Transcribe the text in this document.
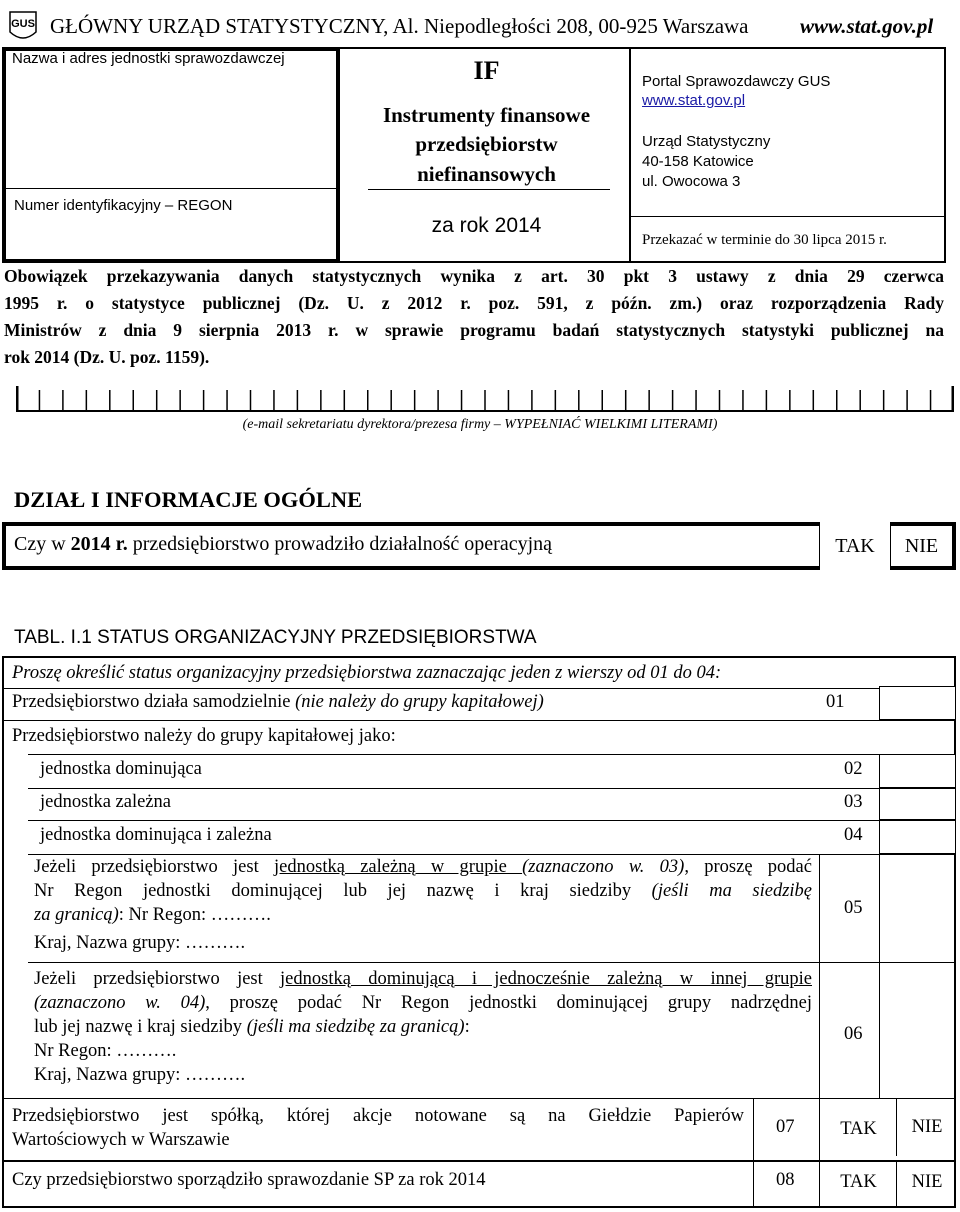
GUS GŁÓWNY URZĄD STATYSTYCZNY, Al. Niepodległości 208, 00-925 Warszawa www.stat.gov.pl
Nazwa i adres jednostki sprawozdawczej
Numer identyfikacyjny – REGON
IF
Instrumenty finansowe
przedsiębiorstw
niefinansowych
za rok 2014
Portal Sprawozdawczy GUS
www.stat.gov.pl
Urząd Statystyczny
40-158 Katowice
ul. Owocowa 3
Przekazać w terminie do 30 lipca 2015 r.
Obowiązek przekazywania danych statystycznych wynika z art. 30 pkt 3 ustawy z dnia 29 czerwca
1995 r. o statystyce publicznej (Dz. U. z 2012 r. poz. 591, z późn. zm.) oraz rozporządzenia Rady
Ministrów z dnia 9 sierpnia 2013 r. w sprawie programu badań statystycznych statystyki publicznej na
rok 2014 (Dz. U. poz. 1159).
(e-mail sekretariatu dyrektora/prezesa firmy – WYPEŁNIAĆ WIELKIMI LITERAMI)
DZIAŁ I INFORMACJE OGÓLNE
Czy w 2014 r. przedsiębiorstwo prowadziło działalność operacyjną	TAK	NIE
TABL. I.1 STATUS ORGANIZACYJNY PRZEDSIĘBIORSTWA
Proszę określić status organizacyjny przedsiębiorstwa zaznaczając jeden z wierszy od 01 do 04:
Przedsiębiorstwo działa samodzielnie (nie należy do grupy kapitałowej)	01
Przedsiębiorstwo należy do grupy kapitałowej jako:
jednostka dominująca	02
jednostka zależna	03
jednostka dominująca i zależna	04
Jeżeli przedsiębiorstwo jest jednostką zależną w grupie (zaznaczono w. 03), proszę podać
Nr Regon jednostki dominującej lub jej nazwę i kraj siedziby (jeśli ma siedzibę
za granicą): Nr Regon: ……….
Kraj, Nazwa grupy: ……….
05
Jeżeli przedsiębiorstwo jest jednostką dominującą i jednocześnie zależną w innej grupie
(zaznaczono w. 04), proszę podać Nr Regon jednostki dominującej grupy nadrzędnej
lub jej nazwę i kraj siedziby (jeśli ma siedzibę za granicą):
Nr Regon: ……….
Kraj, Nazwa grupy: ……….
06
Przedsiębiorstwo jest spółką, której akcje notowane są na Giełdzie Papierów
Wartościowych w Warszawie
07	TAK	NIE
Czy przedsiębiorstwo sporządziło sprawozdanie SP za rok 2014	08	TAK	NIE
